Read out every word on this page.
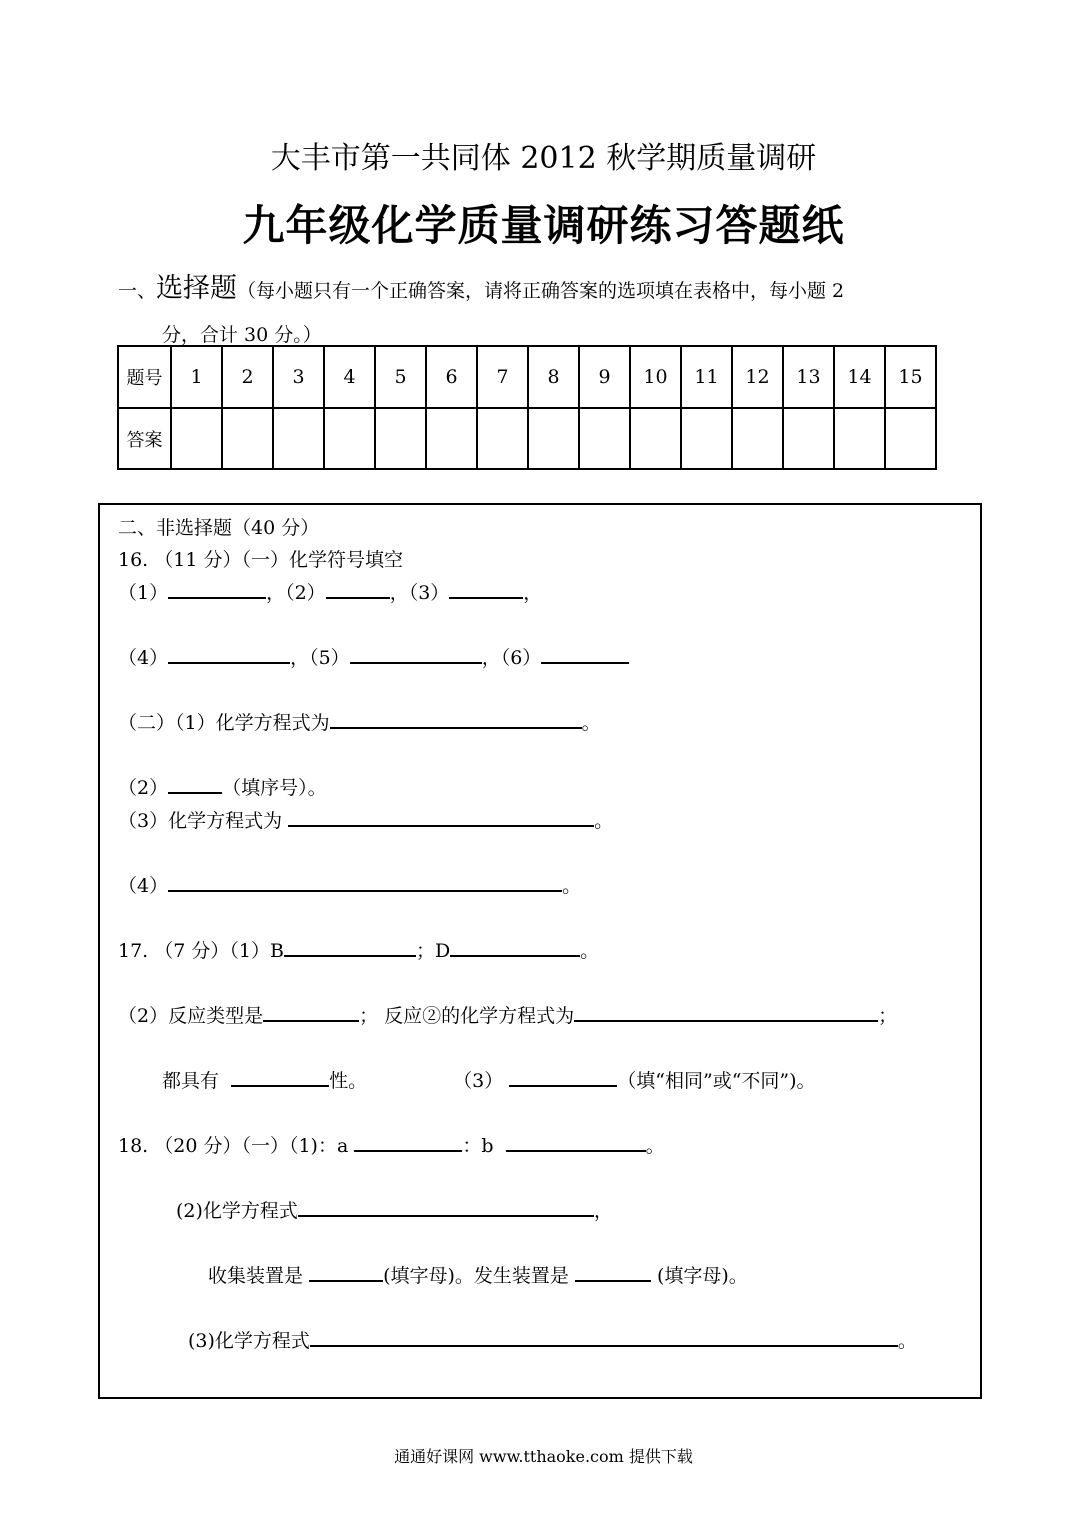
大丰市第一共同体 2012 秋学期质量调研
九年级化学质量调研练习答题纸
一、选择题（每小题只有一个正确答案，请将正确答案的选项填在表格中，每小题 2
分，合计 30 分。）
题号	1	2	3	4	5	6	7	8	9	10	11	12	13	14	15
答案															
二、非选择题（40 分）
16. （11 分）（一）化学符号填空
（1）	，（2）	，（3）	，
（4）	，（5）	，（6）
（二）（1）化学方程式为	。
（2）	（填序号）。
（3）化学方程式为	。
（4）	。
17. （7 分）（1）B	；D	。
（2）反应类型是	； 反应②的化学方程式为	；
都具有	性。	（3）	（填“相同”或“不同”)。
18. （20 分）（一）（1)：a	：b	。
(2)化学方程式	，
收集装置是	(填字母)。发生装置是	(填字母)。
(3)化学方程式	。
通通好课网 www.tthaoke.com 提供下载
